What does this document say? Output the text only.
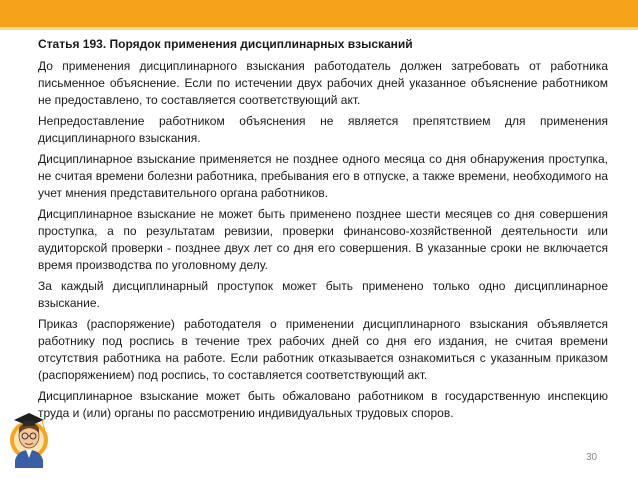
Статья 193. Порядок применения дисциплинарных взысканий

До применения дисциплинарного взыскания работодатель должен затребовать от работника письменное объяснение. Если по истечении двух рабочих дней указанное объяснение работником не предоставлено, то составляется соответствующий акт.

Непредоставление работником объяснения не является препятствием для применения дисциплинарного взыскания.

Дисциплинарное взыскание применяется не позднее одного месяца со дня обнаружения проступка, не считая времени болезни работника, пребывания его в отпуске, а также времени, необходимого на учет мнения представительного органа работников.

Дисциплинарное взыскание не может быть применено позднее шести месяцев со дня совершения проступка, а по результатам ревизии, проверки финансово-хозяйственной деятельности или аудиторской проверки - позднее двух лет со дня его совершения. В указанные сроки не включается время производства по уголовному делу.

За каждый дисциплинарный проступок может быть применено только одно дисциплинарное взыскание.

Приказ (распоряжение) работодателя о применении дисциплинарного взыскания объявляется работнику под роспись в течение трех рабочих дней со дня его издания, не считая времени отсутствия работника на работе. Если работник отказывается ознакомиться с указанным приказом (распоряжением) под роспись, то составляется соответствующий акт.

Дисциплинарное взыскание может быть обжаловано работником в государственную инспекцию труда и (или) органы по рассмотрению индивидуальных трудовых споров.

30
